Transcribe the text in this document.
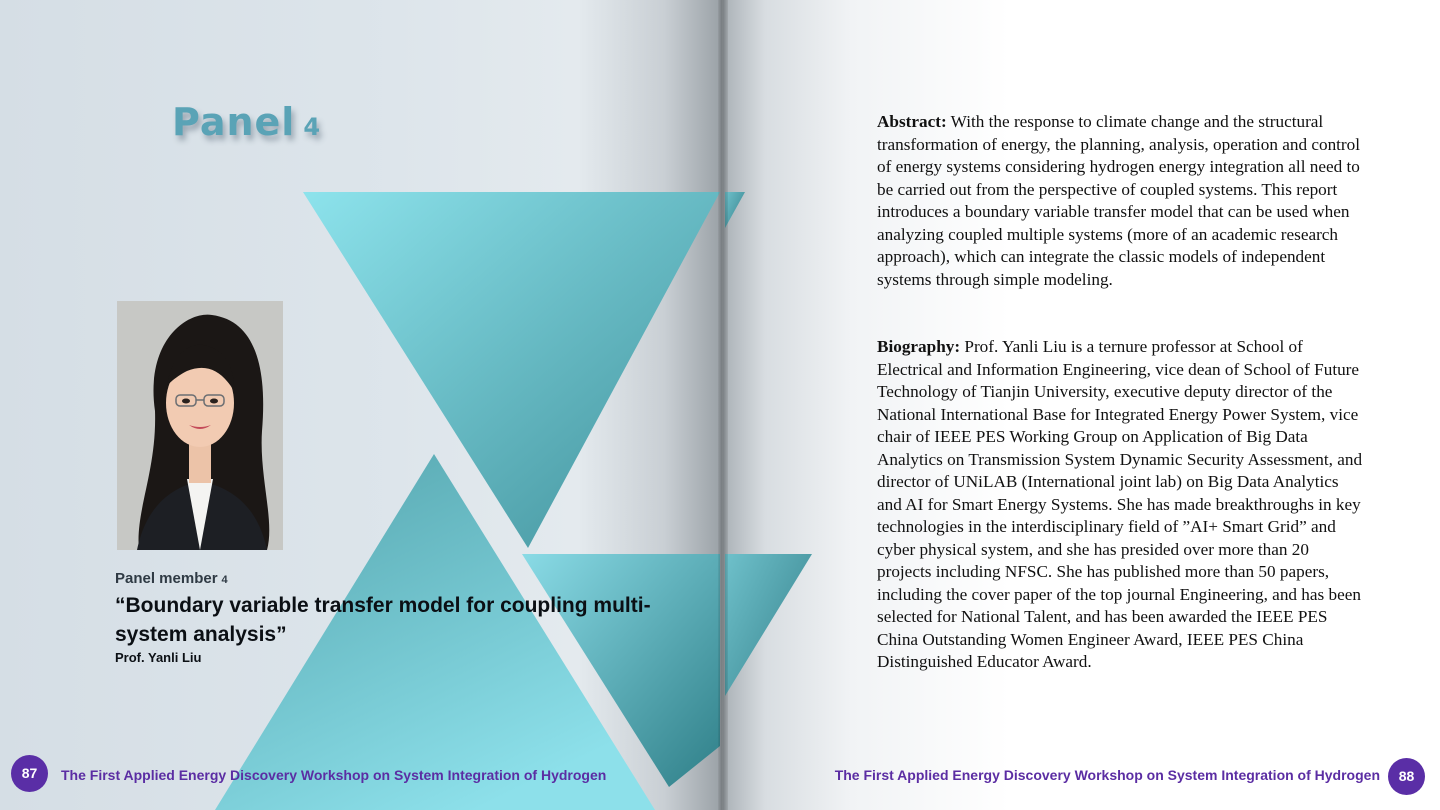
Panel 4
Panel member 4
“Boundary variable transfer model for coupling multi-system analysis”
Prof. Yanli Liu
Abstract: With the response to climate change and the structural transformation of energy, the planning, analysis, operation and control of energy systems considering hydrogen energy integration all need to be carried out from the perspective of coupled systems. This report introduces a boundary variable transfer model that can be used when analyzing coupled multiple systems (more of an academic research approach), which can integrate the classic models of independent systems through simple modeling.
Biography: Prof. Yanli Liu is a ternure professor at School of Electrical and Information Engineering, vice dean of School of Future Technology of Tianjin University, executive deputy director of the National International Base for Integrated Energy Power System, vice chair of IEEE PES Working Group on Application of Big Data Analytics on Transmission System Dynamic Security Assessment, and director of UNiLAB (International joint lab) on Big Data Analytics and AI for Smart Energy Systems. She has made breakthroughs in key technologies in the interdisciplinary field of ”AI+ Smart Grid” and cyber physical system, and she has presided over more than 20 projects including NFSC. She has published more than 50 papers, including the cover paper of the top journal Engineering, and has been selected for National Talent, and has been awarded the IEEE PES China Outstanding Women Engineer Award, IEEE PES China Distinguished Educator Award.
87	The First Applied Energy Discovery Workshop on System Integration of Hydrogen	The First Applied Energy Discovery Workshop on System Integration of Hydrogen	88
